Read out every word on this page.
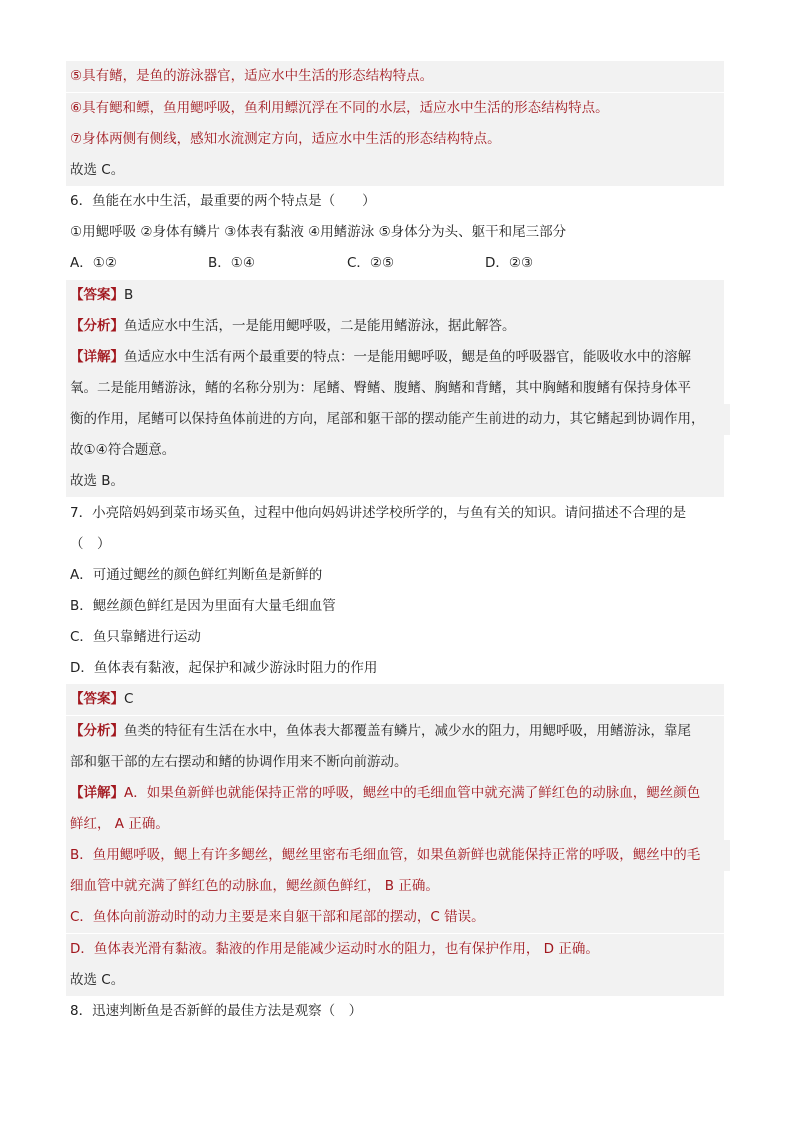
⑤具有鳍，是鱼的游泳器官，适应水中生活的形态结构特点。
⑥具有鳃和鳔，鱼用鳃呼吸，鱼利用鳔沉浮在不同的水层，适应水中生活的形态结构特点。
⑦身体两侧有侧线，感知水流测定方向，适应水中生活的形态结构特点。
故选 C。
6．鱼能在水中生活，最重要的两个特点是（　　）
①用鳃呼吸 ②身体有鳞片 ③体表有黏液 ④用鳍游泳 ⑤身体分为头、躯干和尾三部分
A．①②	B．①④	C．②⑤	D．②③
【答案】B
【分析】鱼适应水中生活，一是能用鳃呼吸，二是能用鳍游泳，据此解答。
【详解】鱼适应水中生活有两个最重要的特点：一是能用鳃呼吸，鳃是鱼的呼吸器官，能吸收水中的溶解
氧。二是能用鳍游泳，鳍的名称分别为：尾鳍、臀鳍、腹鳍、胸鳍和背鳍，其中胸鳍和腹鳍有保持身体平
衡的作用，尾鳍可以保持鱼体前进的方向，尾部和躯干部的摆动能产生前进的动力，其它鳍起到协调作用，
故①④符合题意。
故选 B。
7．小亮陪妈妈到菜市场买鱼，过程中他向妈妈讲述学校所学的，与鱼有关的知识。请问描述不合理的是
（　）
A．可通过鳃丝的颜色鲜红判断鱼是新鲜的
B．鳃丝颜色鲜红是因为里面有大量毛细血管
C．鱼只靠鳍进行运动
D．鱼体表有黏液，起保护和减少游泳时阻力的作用
【答案】C
【分析】鱼类的特征有生活在水中，鱼体表大都覆盖有鳞片，减少水的阻力，用鳃呼吸，用鳍游泳，靠尾
部和躯干部的左右摆动和鳍的协调作用来不断向前游动。
【详解】A．如果鱼新鲜也就能保持正常的呼吸，鳃丝中的毛细血管中就充满了鲜红色的动脉血，鳃丝颜色
鲜红， A 正确。
B．鱼用鳃呼吸，鳃上有许多鳃丝，鳃丝里密布毛细血管，如果鱼新鲜也就能保持正常的呼吸，鳃丝中的毛
细血管中就充满了鲜红色的动脉血，鳃丝颜色鲜红， B 正确。
C．鱼体向前游动时的动力主要是来自躯干部和尾部的摆动，C 错误。
D．鱼体表光滑有黏液。黏液的作用是能减少运动时水的阻力，也有保护作用， D 正确。
故选 C。
8．迅速判断鱼是否新鲜的最佳方法是观察（　）
